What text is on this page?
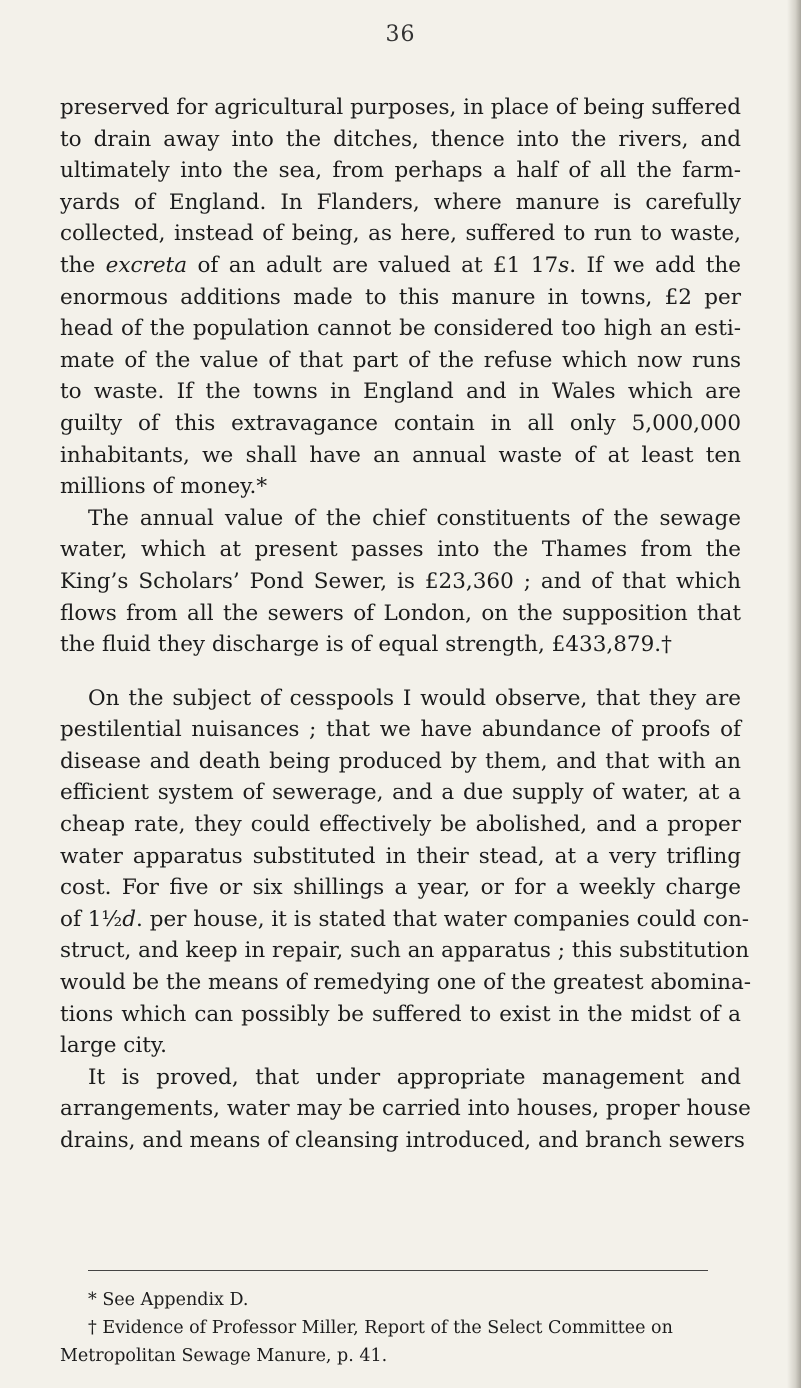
36
preserved for agricultural purposes, in place of being suffered
to drain away into the ditches, thence into the rivers, and
ultimately into the sea, from perhaps a half of all the farm-
yards of England. In Flanders, where manure is carefully
collected, instead of being, as here, suffered to run to waste,
the excreta of an adult are valued at £1 17s. If we add the
enormous additions made to this manure in towns, £2 per
head of the population cannot be considered too high an esti-
mate of the value of that part of the refuse which now runs
to waste. If the towns in England and in Wales which are
guilty of this extravagance contain in all only 5,000,000
inhabitants, we shall have an annual waste of at least ten
millions of money.*
The annual value of the chief constituents of the sewage
water, which at present passes into the Thames from the
King’s Scholars’ Pond Sewer, is £23,360 ; and of that which
flows from all the sewers of London, on the supposition that
the fluid they discharge is of equal strength, £433,879.†
On the subject of cesspools I would observe, that they are
pestilential nuisances ; that we have abundance of proofs of
disease and death being produced by them, and that with an
efficient system of sewerage, and a due supply of water, at a
cheap rate, they could effectively be abolished, and a proper
water apparatus substituted in their stead, at a very trifling
cost. For five or six shillings a year, or for a weekly charge
of 1½d. per house, it is stated that water companies could con-
struct, and keep in repair, such an apparatus ; this substitution
would be the means of remedying one of the greatest abomina-
tions which can possibly be suffered to exist in the midst of a
large city.
It is proved, that under appropriate management and
arrangements, water may be carried into houses, proper house
drains, and means of cleansing introduced, and branch sewers
* See Appendix D.
† Evidence of Professor Miller, Report of the Select Committee on
Metropolitan Sewage Manure, p. 41.
